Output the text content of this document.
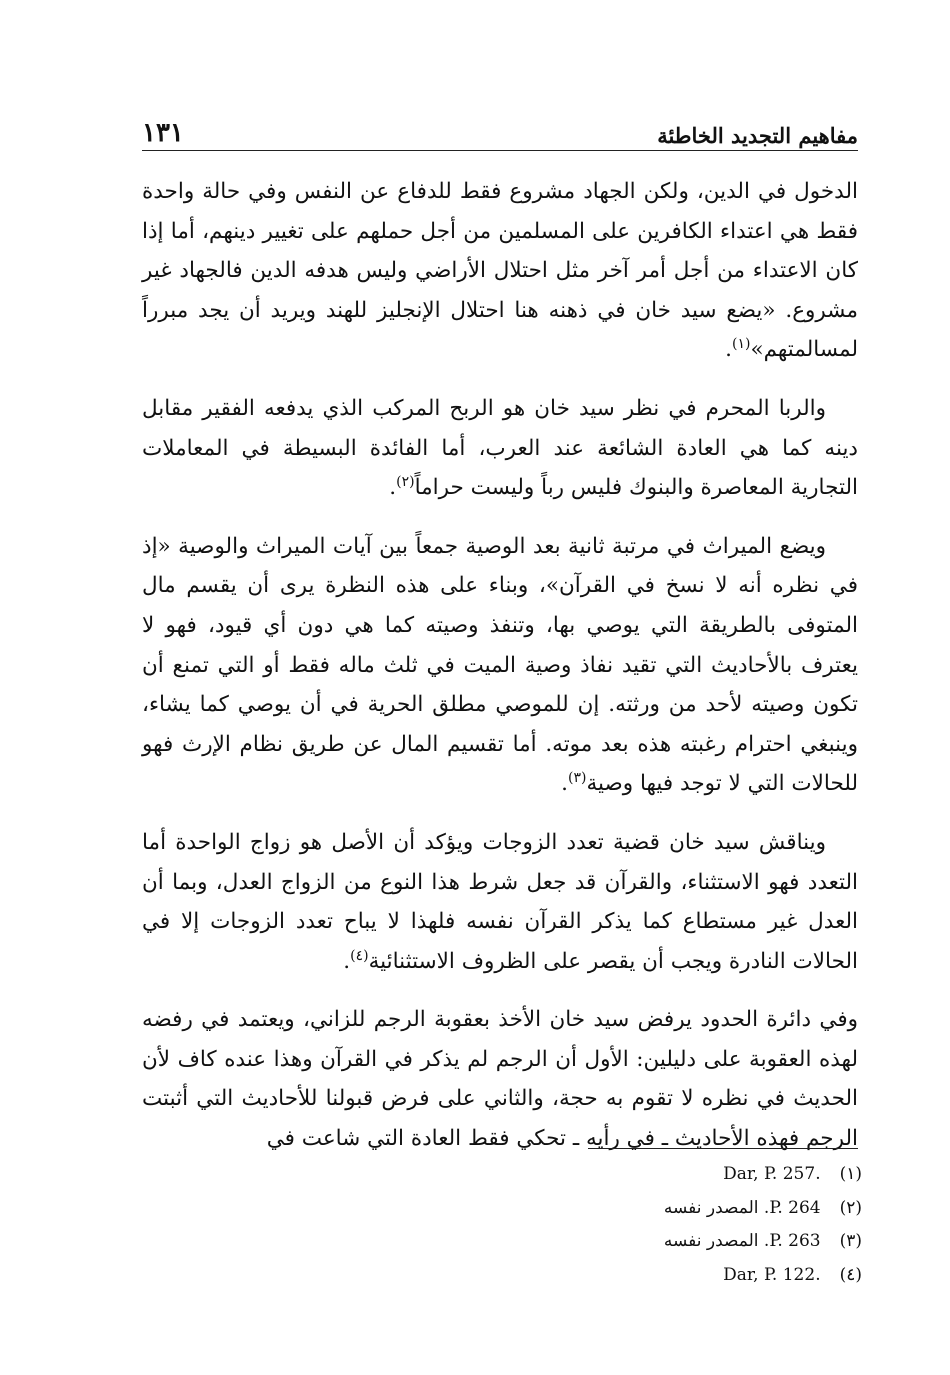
مفاهيم التجديد الخاطئة
١٣١

الدخول في الدين، ولكن الجهاد مشروع فقط للدفاع عن النفس وفي حالة واحدة فقط هي اعتداء الكافرين على المسلمين من أجل حملهم على تغيير دينهم، أما إذا كان الاعتداء من أجل أمر آخر مثل احتلال الأراضي وليس هدفه الدين فالجهاد غير مشروع. «يضع سيد خان في ذهنه هنا احتلال الإنجليز للهند ويريد أن يجد مبرراً لمسالمتهم»$^{(١)}$.

والربا المحرم في نظر سيد خان هو الربح المركب الذي يدفعه الفقير مقابل دينه كما هي العادة الشائعة عند العرب، أما الفائدة البسيطة في المعاملات التجارية المعاصرة والبنوك فليس رباً وليست حراماً$^{(٢)}$.

ويضع الميراث في مرتبة ثانية بعد الوصية جمعاً بين آيات الميراث والوصية «إذ في نظره أنه لا نسخ في القرآن»، وبناء على هذه النظرة يرى أن يقسم مال المتوفى بالطريقة التي يوصي بها، وتنفذ وصيته كما هي دون أي قيود، فهو لا يعترف بالأحاديث التي تقيد نفاذ وصية الميت في ثلث ماله فقط أو التي تمنع أن تكون وصيته لأحد من ورثته. إن للموصي مطلق الحرية في أن يوصي كما يشاء، وينبغي احترام رغبته هذه بعد موته. أما تقسيم المال عن طريق نظام الإرث فهو للحالات التي لا توجد فيها وصية$^{(٣)}$.

ويناقش سيد خان قضية تعدد الزوجات ويؤكد أن الأصل هو زواج الواحدة أما التعدد فهو الاستثناء، والقرآن قد جعل شرط هذا النوع من الزواج العدل، وبما أن العدل غير مستطاع كما يذكر القرآن نفسه فلهذا لا يباح تعدد الزوجات إلا في الحالات النادرة ويجب أن يقصر على الظروف الاستثنائية$^{(٤)}$.

وفي دائرة الحدود يرفض سيد خان الأخذ بعقوبة الرجم للزاني، ويعتمد في رفضه لهذه العقوبة على دليلين: الأول أن الرجم لم يذكر في القرآن وهذا عنده كاف لأن الحديث في نظره لا تقوم به حجة، والثاني على فرض قبولنا للأحاديث التي أثبتت الرجم فهذه الأحاديث ـ في رأيه ـ تحكي فقط العادة التي شاعت في

(١) Dar, P. 257.
(٢) المصدر نفسه .P. 264
(٣) المصدر نفسه .P. 263
(٤) Dar, P. 122.
